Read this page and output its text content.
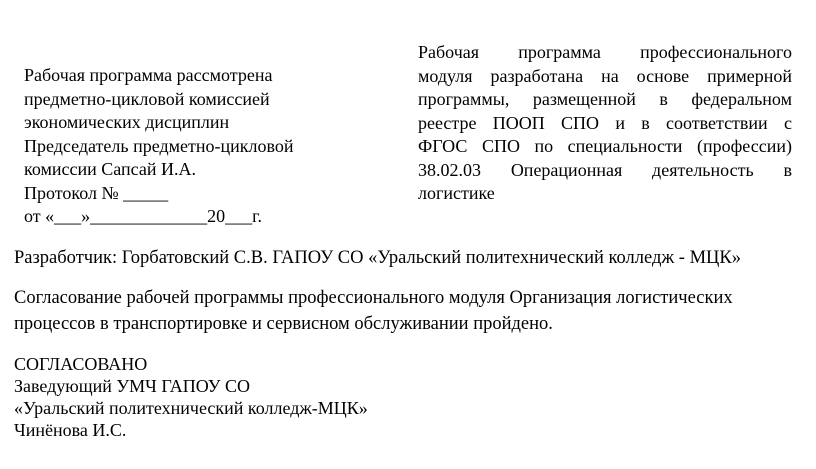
Рабочая программа рассмотрена
предметно-цикловой комиссией
экономических дисциплин
Председатель предметно-цикловой
комиссии Сапсай И.А.
Протокол № _____
от «___»_____________20___г.
Рабочая программа профессионального
модуля разработана на основе примерной
программы, размещенной в федеральном
реестре ПООП СПО и в соответствии с
ФГОС СПО по специальности (профессии)
38.02.03 Операционная деятельность в
логистике
Разработчик: Горбатовский С.В. ГАПОУ СО «Уральский политехнический колледж - МЦК»
Согласование рабочей программы профессионального модуля Организация логистических
процессов в транспортировке и сервисном обслуживании пройдено.
СОГЛАСОВАНО
Заведующий УМЧ ГАПОУ СО
«Уральский политехнический колледж-МЦК»
Чинёнова И.С.
